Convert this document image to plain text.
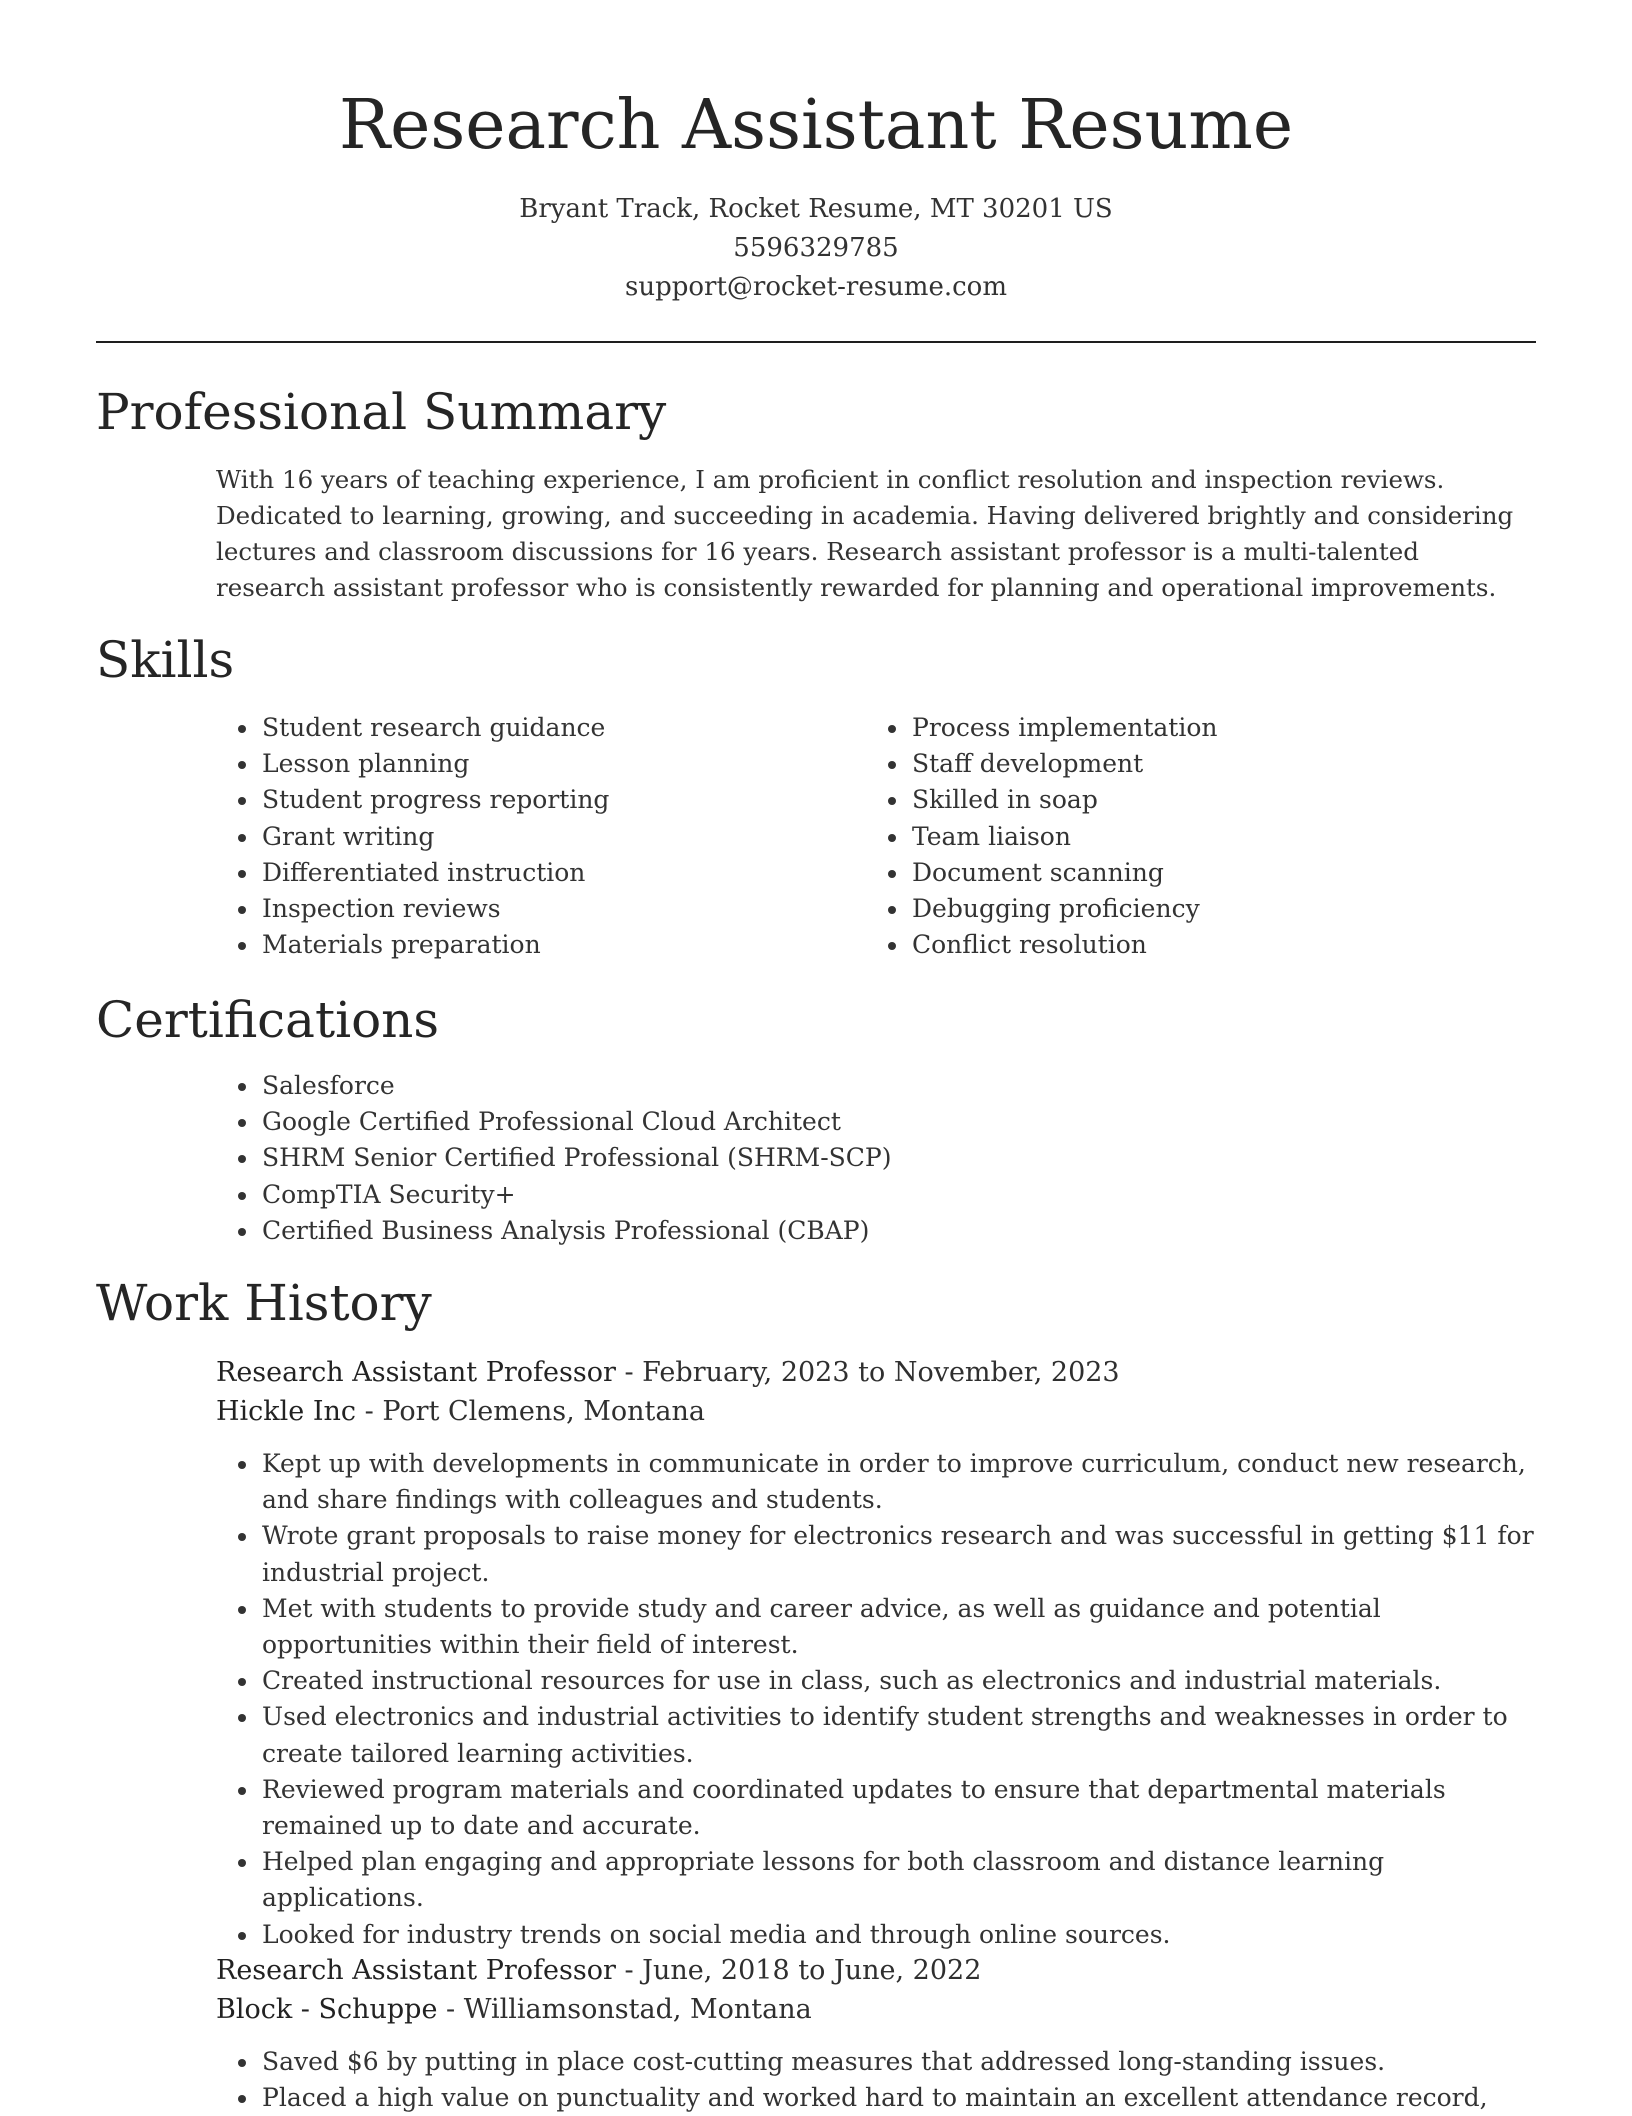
Research Assistant Resume
Bryant Track, Rocket Resume, MT 30201 US
5596329785
support@rocket-resume.com
Professional Summary
With 16 years of teaching experience, I am proficient in conflict resolution and inspection reviews. Dedicated to learning, growing, and succeeding in academia. Having delivered brightly and considering lectures and classroom discussions for 16 years. Research assistant professor is a multi-talented research assistant professor who is consistently rewarded for planning and operational improvements.
Skills
• Student research guidance
• Lesson planning
• Student progress reporting
• Grant writing
• Differentiated instruction
• Inspection reviews
• Materials preparation
• Process implementation
• Staff development
• Skilled in soap
• Team liaison
• Document scanning
• Debugging proficiency
• Conflict resolution
Certifications
• Salesforce
• Google Certified Professional Cloud Architect
• SHRM Senior Certified Professional (SHRM-SCP)
• CompTIA Security+
• Certified Business Analysis Professional (CBAP)
Work History
Research Assistant Professor - February, 2023 to November, 2023
Hickle Inc - Port Clemens, Montana
• Kept up with developments in communicate in order to improve curriculum, conduct new research, and share findings with colleagues and students.
• Wrote grant proposals to raise money for electronics research and was successful in getting $11 for industrial project.
• Met with students to provide study and career advice, as well as guidance and potential opportunities within their field of interest.
• Created instructional resources for use in class, such as electronics and industrial materials.
• Used electronics and industrial activities to identify student strengths and weaknesses in order to create tailored learning activities.
• Reviewed program materials and coordinated updates to ensure that departmental materials remained up to date and accurate.
• Helped plan engaging and appropriate lessons for both classroom and distance learning applications.
• Looked for industry trends on social media and through online sources.
Research Assistant Professor - June, 2018 to June, 2022
Block - Schuppe - Williamsonstad, Montana
• Saved $6 by putting in place cost-cutting measures that addressed long-standing issues.
• Placed a high value on punctuality and worked hard to maintain an excellent attendance record,
